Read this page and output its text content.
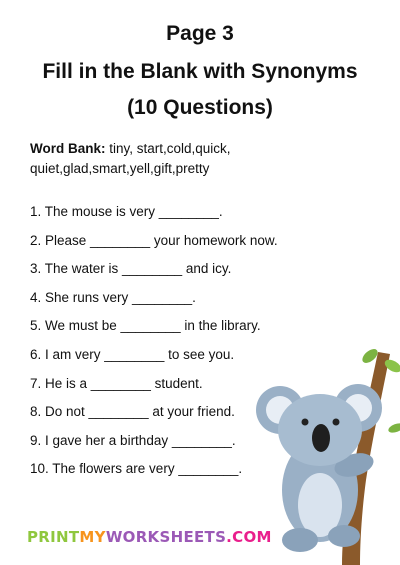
Page 3
Fill in the Blank with Synonyms
(10 Questions)
Word Bank: tiny, start,cold,quick, quiet,glad,smart,yell,gift,pretty
1. The mouse is very ________.
2. Please ________ your homework now.
3. The water is ________ and icy.
4. She runs very ________.
5. We must be ________ in the library.
6. I am very ________ to see you.
7. He is a ________ student.
8. Do not ________ at your friend.
9. I gave her a birthday ________.
10. The flowers are very ________.
PRINTMYWORKSHEETS.COM
